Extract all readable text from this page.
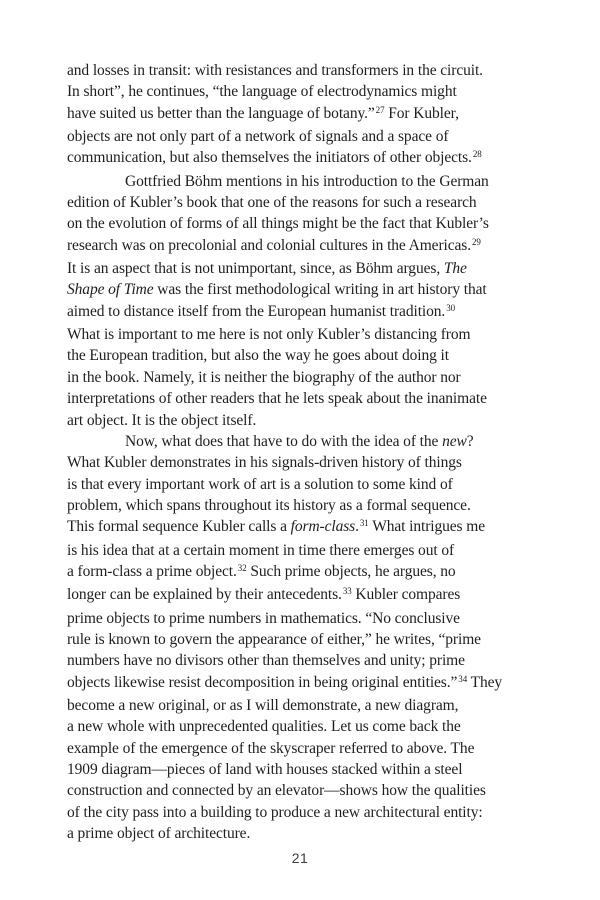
and losses in transit: with resistances and transformers in the circuit.
In short”, he continues, “the language of electrodynamics might
have suited us better than the language of botany.”$^{27}$ For Kubler,
objects are not only part of a network of signals and a space of
communication, but also themselves the initiators of other objects.$^{28}$
Gottfried Böhm mentions in his introduction to the German
edition of Kubler’s book that one of the reasons for such a research
on the evolution of forms of all things might be the fact that Kubler’s
research was on precolonial and colonial cultures in the Americas.$^{29}$
It is an aspect that is not unimportant, since, as Böhm argues, The
Shape of Time was the first methodological writing in art history that
aimed to distance itself from the European humanist tradition.$^{30}$
What is important to me here is not only Kubler’s distancing from
the European tradition, but also the way he goes about doing it
in the book. Namely, it is neither the biography of the author nor
interpretations of other readers that he lets speak about the inanimate
art object. It is the object itself.
Now, what does that have to do with the idea of the new?
What Kubler demonstrates in his signals-driven history of things
is that every important work of art is a solution to some kind of
problem, which spans throughout its history as a formal sequence.
This formal sequence Kubler calls a form-class.$^{31}$ What intrigues me
is his idea that at a certain moment in time there emerges out of
a form-class a prime object.$^{32}$ Such prime objects, he argues, no
longer can be explained by their antecedents.$^{33}$ Kubler compares
prime objects to prime numbers in mathematics. “No conclusive
rule is known to govern the appearance of either,” he writes, “prime
numbers have no divisors other than themselves and unity; prime
objects likewise resist decomposition in being original entities.”$^{34}$ They
become a new original, or as I will demonstrate, a new diagram,
a new whole with unprecedented qualities. Let us come back the
example of the emergence of the skyscraper referred to above. The
1909 diagram—pieces of land with houses stacked within a steel
construction and connected by an elevator—shows how the qualities
of the city pass into a building to produce a new architectural entity:
a prime object of architecture.
21
